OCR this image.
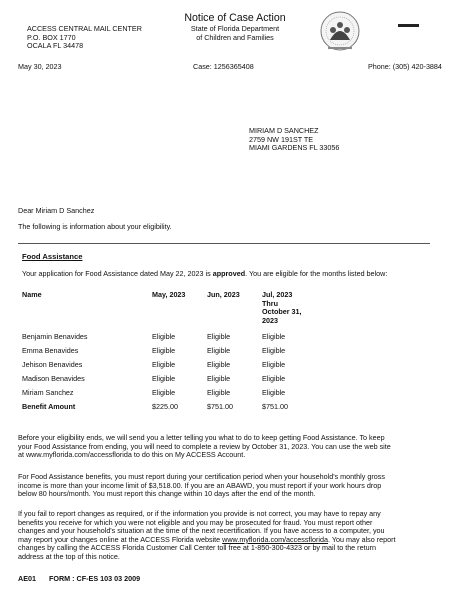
ACCESS CENTRAL MAIL CENTER
P.O. BOX 1770
OCALA FL 34478
Notice of Case Action
State of Florida Department
of Children and Families
May 30, 2023	Case: 1256365408	Phone: (305) 420-3884
MIRIAM D SANCHEZ
2759 NW 191ST TE
MIAMI GARDENS FL 33056
Dear Miriam D Sanchez
The following is information about your eligibility.
Food Assistance
Your application for Food Assistance dated May 22, 2023 is approved. You are eligible for the months listed below:
Name	May, 2023	Jun, 2023	Jul, 2023
Thru
October 31,
2023
Benjamin Benavides	Eligible	Eligible	Eligible
Emma Benavides	Eligible	Eligible	Eligible
Jehison Benavides	Eligible	Eligible	Eligible
Madison Benavides	Eligible	Eligible	Eligible
Miriam Sanchez	Eligible	Eligible	Eligible
Benefit Amount	$225.00	$751.00	$751.00
Before your eligibility ends, we will send you a letter telling you what to do to keep getting Food Assistance. To keep
your Food Assistance from ending, you will need to complete a review by October 31, 2023. You can use the web site
at www.myflorida.com/accessflorida to do this on My ACCESS Account.
For Food Assistance benefits, you must report during your certification period when your household's monthly gross
income is more than your income limit of $3,518.00. If you are an ABAWD, you must report if your work hours drop
below 80 hours/month. You must report this change within 10 days after the end of the month.
If you fail to report changes as required, or if the information you provide is not correct, you may have to repay any
benefits you receive for which you were not eligible and you may be prosecuted for fraud. You must report other
changes and your household's situation at the time of the next recertification. If you have access to a computer, you
may report your changes online at the ACCESS Florida website www.myflorida.com/accessflorida. You may also report
changes by calling the ACCESS Florida Customer Call Center toll free at 1-850-300-4323 or by mail to the return
address at the top of this notice.
AE01 FORM : CF-ES 103 03 2009
